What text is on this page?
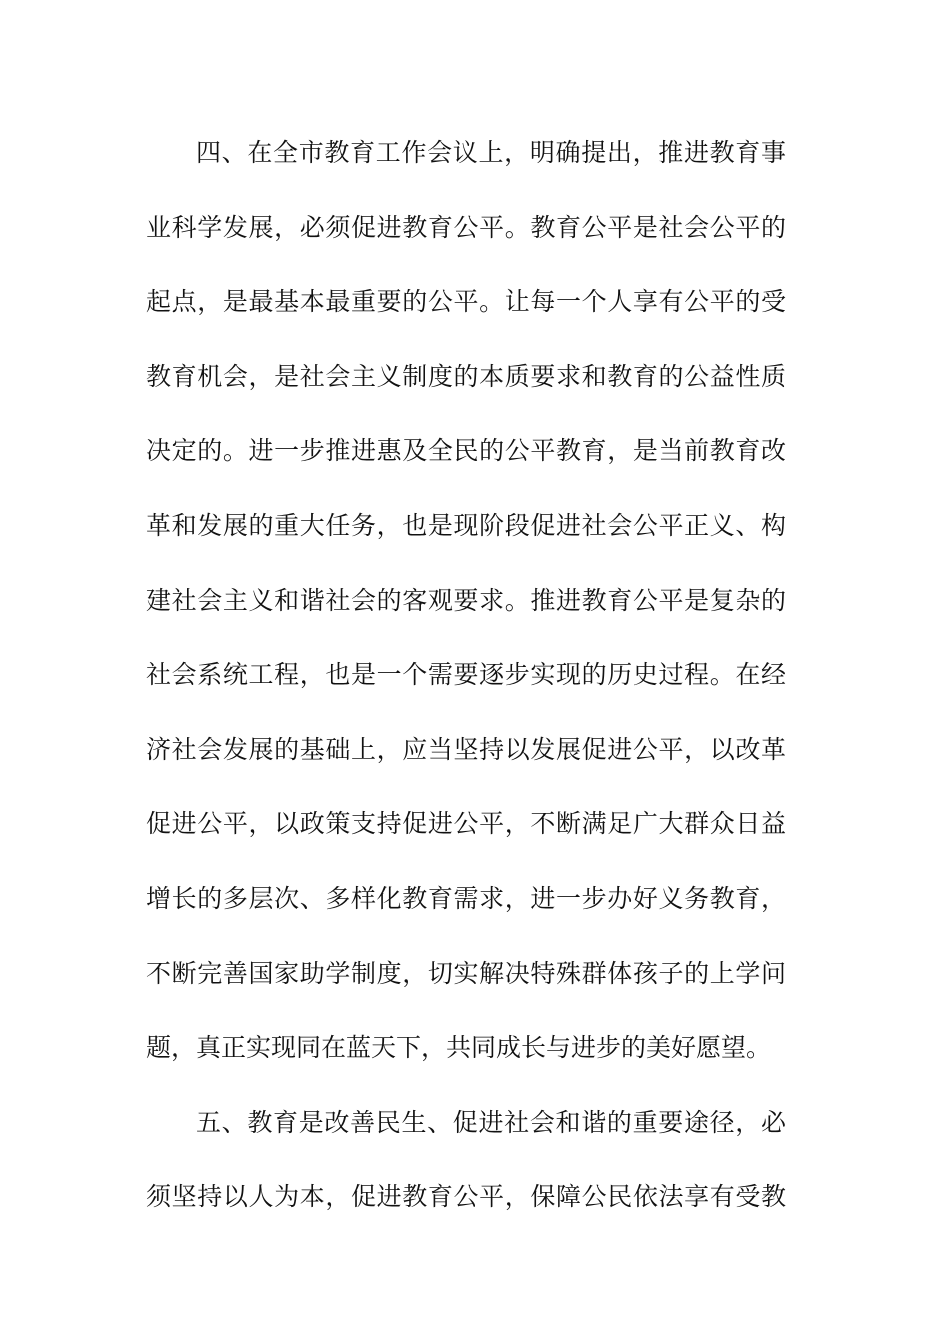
四、在全市教育工作会议上，明确提出，推进教育事
业科学发展，必须促进教育公平。教育公平是社会公平的
起点，是最基本最重要的公平。让每一个人享有公平的受
教育机会，是社会主义制度的本质要求和教育的公益性质
决定的。进一步推进惠及全民的公平教育，是当前教育改
革和发展的重大任务，也是现阶段促进社会公平正义、构
建社会主义和谐社会的客观要求。推进教育公平是复杂的
社会系统工程，也是一个需要逐步实现的历史过程。在经
济社会发展的基础上，应当坚持以发展促进公平，以改革
促进公平，以政策支持促进公平，不断满足广大群众日益
增长的多层次、多样化教育需求，进一步办好义务教育，
不断完善国家助学制度，切实解决特殊群体孩子的上学问
题，真正实现同在蓝天下，共同成长与进步的美好愿望。
五、教育是改善民生、促进社会和谐的重要途径，必
须坚持以人为本，促进教育公平，保障公民依法享有受教
